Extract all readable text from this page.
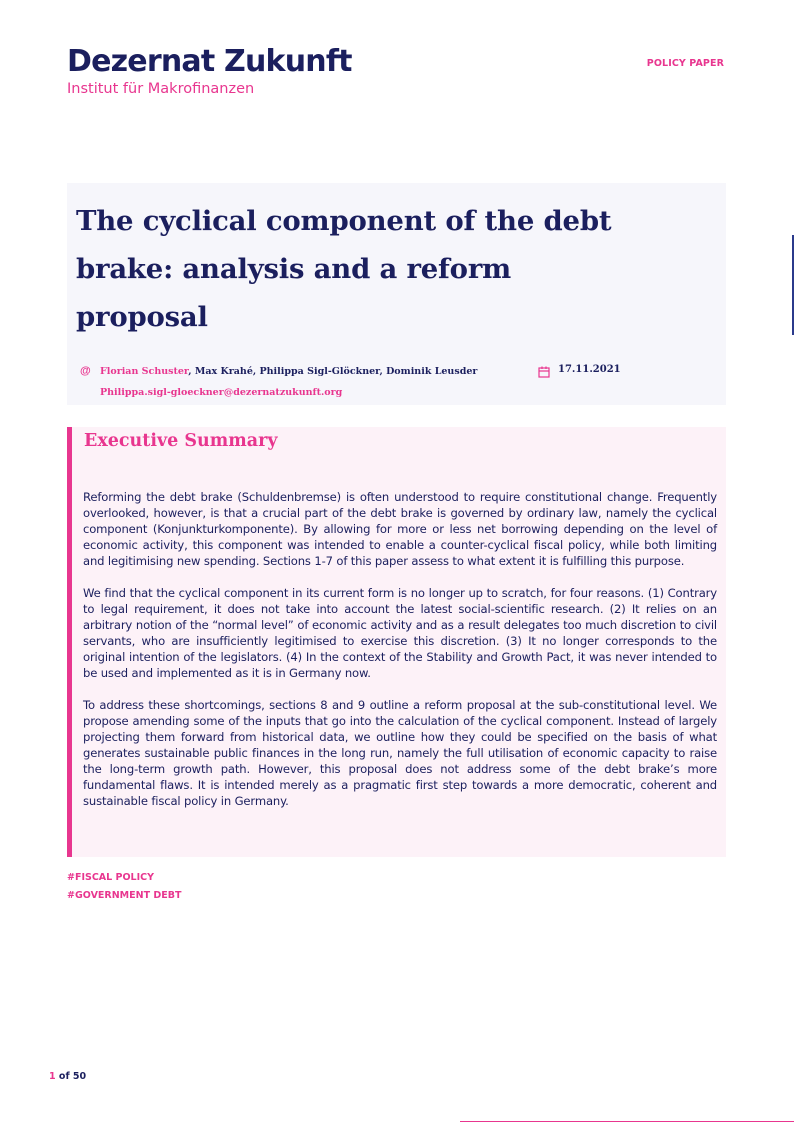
Dezernat Zukunft
Institut für Makrofinanzen
POLICY PAPER
The cyclical component of the debt brake: analysis and a reform proposal
@ Florian Schuster, Max Krahé, Philippa Sigl-Glöckner, Dominik Leusder
Philippa.sigl-gloeckner@dezernatzukunft.org
17.11.2021
Executive Summary

Reforming the debt brake (Schuldenbremse) is often understood to require constitutional change. Frequently overlooked, however, is that a crucial part of the debt brake is governed by ordinary law, namely the cyclical component (Konjunkturkomponente). By allowing for more or less net borrowing depending on the level of economic activity, this component was intended to enable a counter-cyclical fiscal policy, while both limiting and legitimising new spending. Sections 1-7 of this paper assess to what extent it is fulfilling this purpose.

We find that the cyclical component in its current form is no longer up to scratch, for four reasons. (1) Contrary to legal requirement, it does not take into account the latest social-scientific research. (2) It relies on an arbitrary notion of the “normal level” of economic activity and as a result delegates too much discretion to civil servants, who are insufficiently legitimised to exercise this discretion. (3) It no longer corresponds to the original intention of the legislators. (4) In the context of the Stability and Growth Pact, it was never intended to be used and implemented as it is in Germany now.

To address these shortcomings, sections 8 and 9 outline a reform proposal at the sub-constitutional level. We propose amending some of the inputs that go into the calculation of the cyclical component. Instead of largely projecting them forward from historical data, we outline how they could be specified on the basis of what generates sustainable public finances in the long run, namely the full utilisation of economic capacity to raise the long-term growth path. However, this proposal does not address some of the debt brake’s more fundamental flaws. It is intended merely as a pragmatic first step towards a more democratic, coherent and sustainable fiscal policy in Germany.

#FISCAL POLICY
#GOVERNMENT DEBT
1 of 50
